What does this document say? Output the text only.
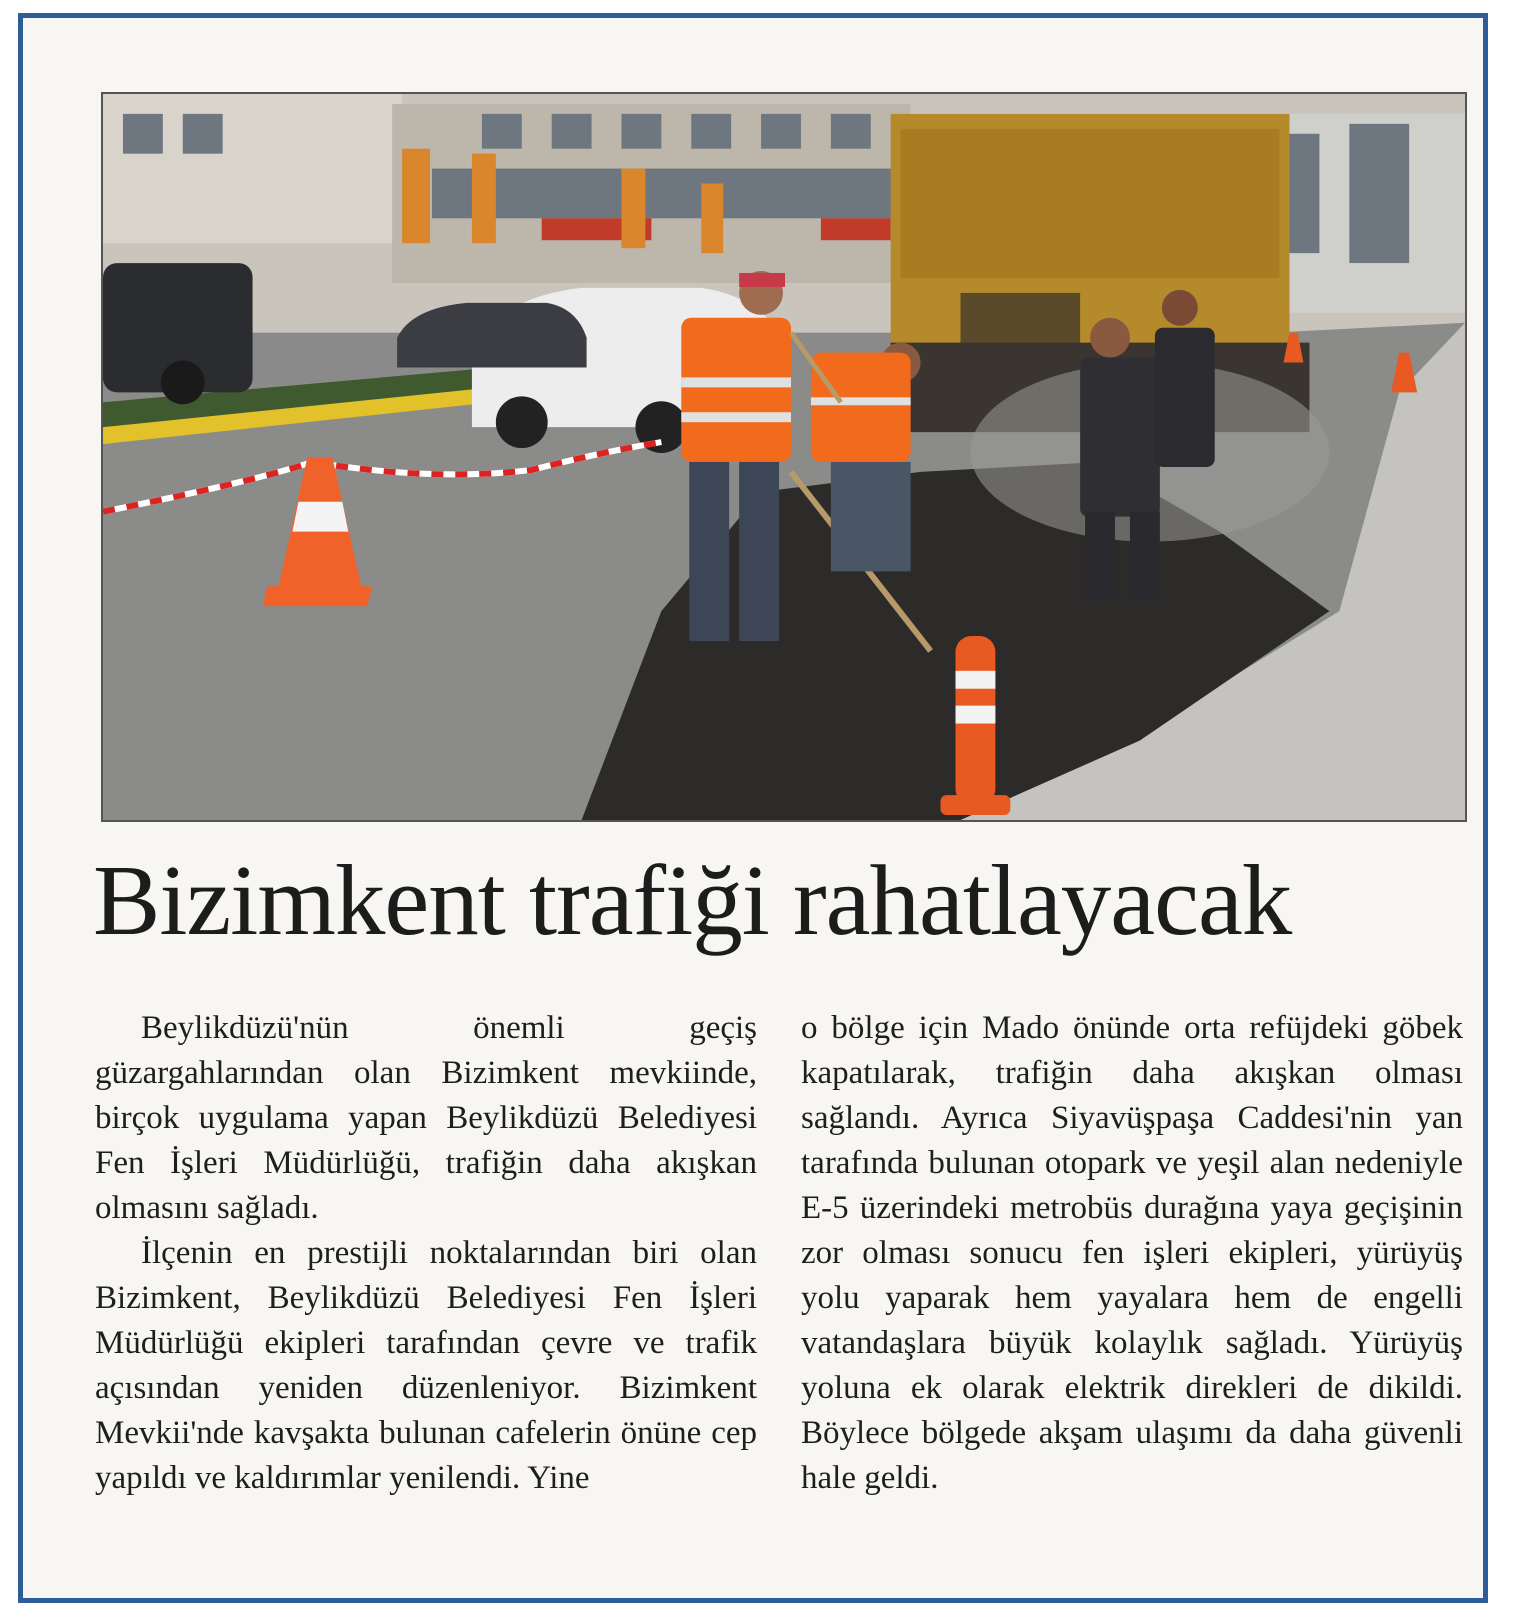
Bizimkent trafiği rahatlayacak

Beylikdüzü'nün önemli geçiş güzargahlarından olan Bizimkent mevkiinde, birçok uygulama yapan Beylikdüzü Belediyesi Fen İşleri Müdürlüğü, trafiğin daha akışkan olmasını sağladı.

İlçenin en prestijli noktalarından biri olan Bizimkent, Beylikdüzü Belediyesi Fen İşleri Müdürlüğü ekipleri tarafından çevre ve trafik açısından yeniden düzenleniyor. Bizimkent Mevkii'nde kavşakta bulunan cafelerin önüne cep yapıldı ve kaldırımlar yenilendi. Yine

o bölge için Mado önünde orta refüjdeki göbek kapatılarak, trafiğin daha akışkan olması sağlandı. Ayrıca Siyavüşpaşa Caddesi'nin yan tarafında bulunan otopark ve yeşil alan nedeniyle E-5 üzerindeki metrobüs durağına yaya geçişinin zor olması sonucu fen işleri ekipleri, yürüyüş yolu yaparak hem yayalara hem de engelli vatandaşlara büyük kolaylık sağladı. Yürüyüş yoluna ek olarak elektrik direkleri de dikildi. Böylece bölgede akşam ulaşımı da daha güvenli hale geldi.
